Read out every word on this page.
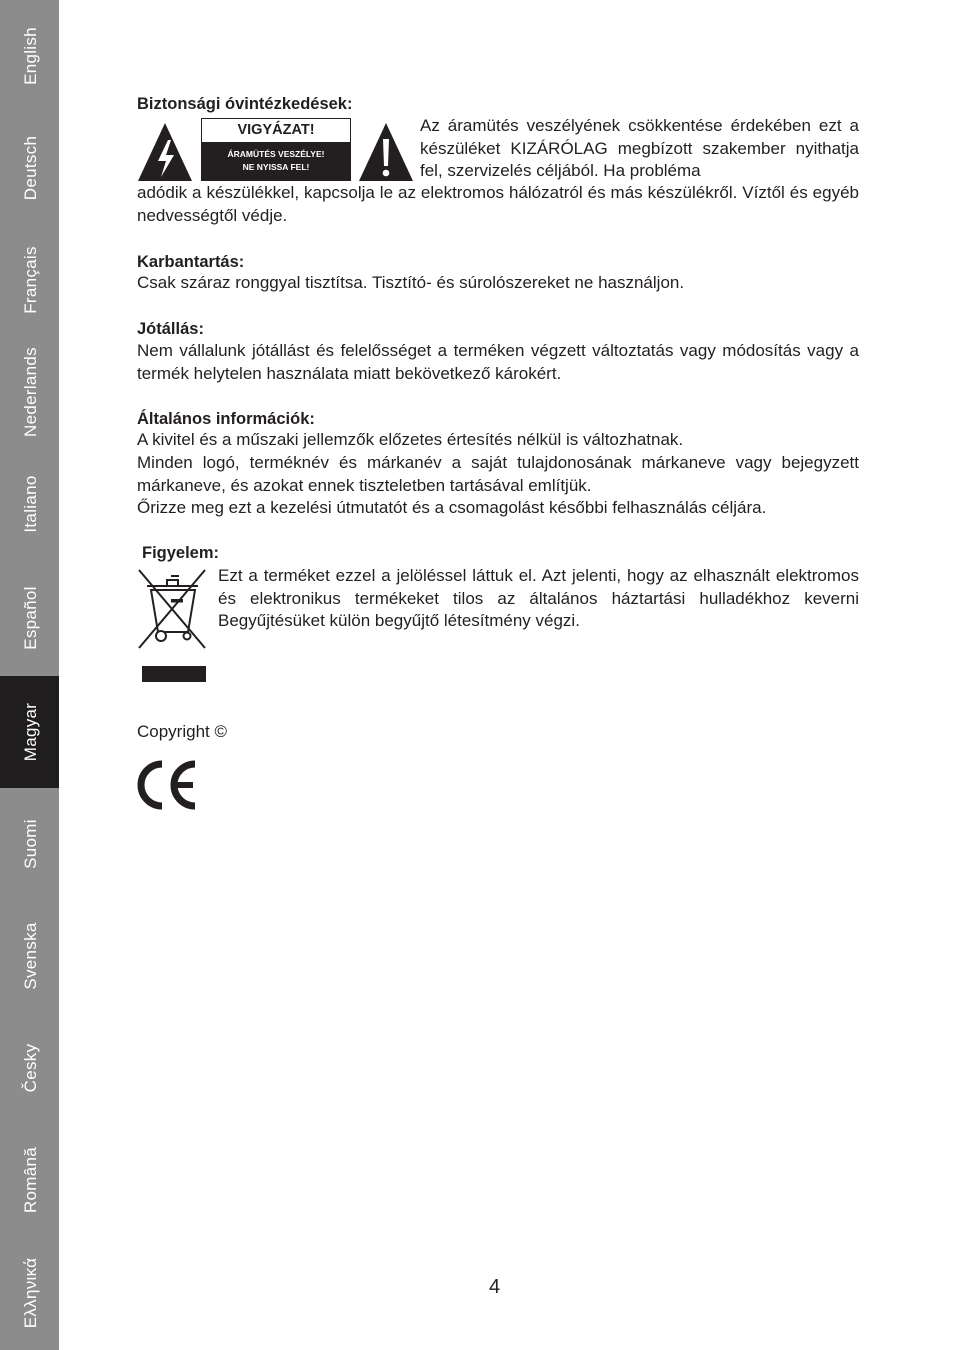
English
Deutsch
Français
Nederlands
Italiano
Español
Magyar
Suomi
Svenska
Česky
Română
Ελληνικά
Biztonsági óvintézkedések:
VIGYÁZAT!
ÁRAMÜTÉS VESZÉLYE!
NE NYISSA FEL!
Az áramütés veszélyének csökkentése érdekében ezt a készüléket KIZÁRÓLAG megbízott szakember nyithatja fel, szervizelés céljából. Ha probléma
adódik a készülékkel, kapcsolja le az elektromos hálózatról és más készülékről. Víztől és egyéb nedvességtől védje.
Karbantartás:
Csak száraz ronggyal tisztítsa. Tisztító- és súrolószereket ne használjon.
Jótállás:
Nem vállalunk jótállást és felelősséget a terméken végzett változtatás vagy módosítás vagy a termék helytelen használata miatt bekövetkező károkért.
Általános információk:
A kivitel és a műszaki jellemzők előzetes értesítés nélkül is változhatnak.
Minden logó, terméknév és márkanév a saját tulajdonosának márkaneve vagy bejegyzett márkaneve, és azokat ennek tiszteletben tartásával említjük.
Őrizze meg ezt a kezelési útmutatót és a csomagolást későbbi felhasználás céljára.
Figyelem:
Ezt a terméket ezzel a jelöléssel láttuk el. Azt jelenti, hogy az elhasznált elektromos és elektronikus termékeket tilos az általános háztartási hulladékhoz keverni Begyűjtésüket külön begyűjtő létesítmény végzi.
Copyright ©
4
